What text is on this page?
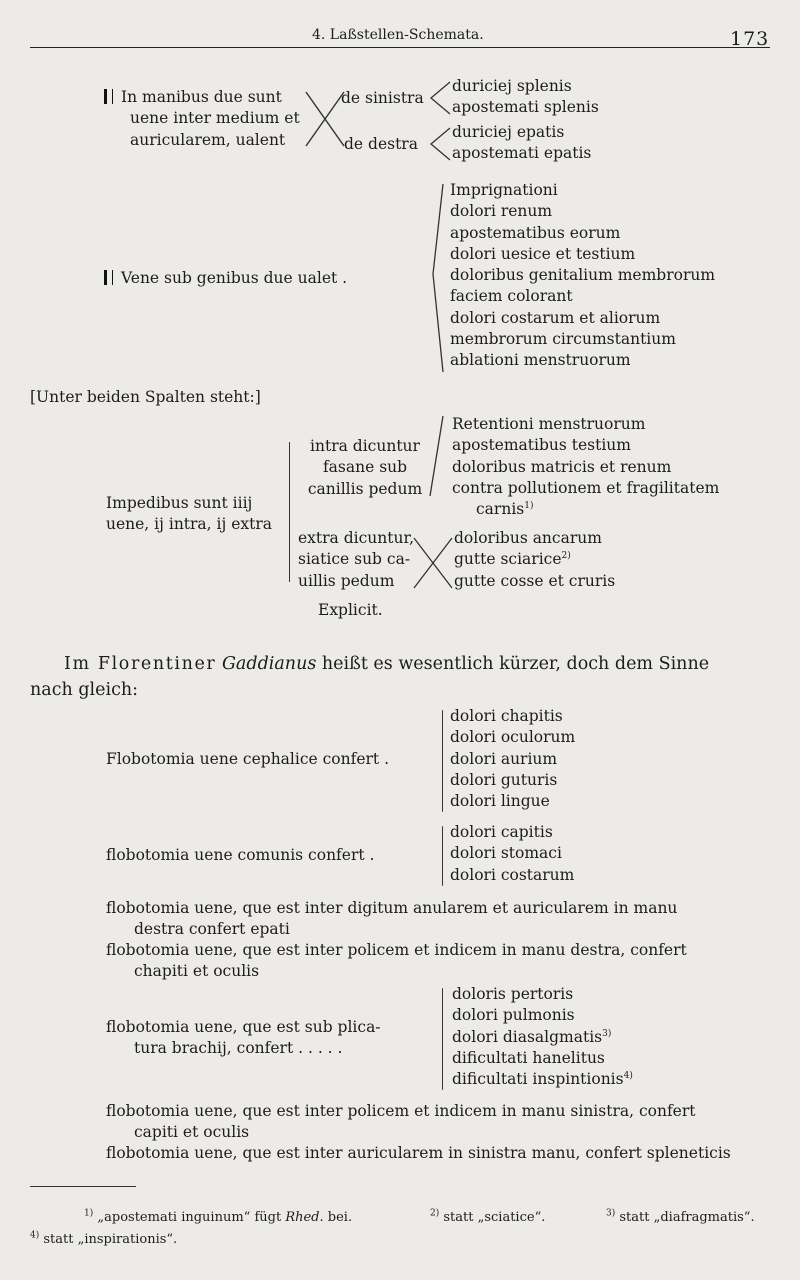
4. Laßstellen-Schemata.	173
In manibus due sunt
uene inter medium et
auricularem, ualent
de sinistra
de destra
duriciej splenis
apostemati splenis
duriciej epatis
apostemati epatis
Vene sub genibus due ualet .
Imprignationi
dolori renum
apostematibus eorum
dolori uesice et testium
doloribus genitalium membrorum
faciem colorant
dolori costarum et aliorum
membrorum circumstantium
ablationi menstruorum
[Unter beiden Spalten steht:]
Impedibus sunt iiij
uene, ij intra, ij extra
intra dicuntur
fasane sub
canillis pedum
Retentioni menstruorum
apostematibus testium
doloribus matricis et renum
contra pollutionem et fragilitatem
carnis$^{1)}$
extra dicuntur,
siatice sub ca-
uillis pedum
doloribus ancarum
gutte sciarice$^{2)}$
gutte cosse et cruris
Explicit.
Im Florentiner Gaddianus heißt es wesentlich kürzer, doch dem Sinne
nach gleich:
Flobotomia uene cephalice confert .
dolori chapitis
dolori oculorum
dolori aurium
dolori guturis
dolori lingue
flobotomia uene comunis confert .
dolori capitis
dolori stomaci
dolori costarum
flobotomia uene, que est inter digitum anularem et auricularem in manu
destra confert epati
flobotomia uene, que est inter policem et indicem in manu destra, confert
chapiti et oculis
flobotomia uene, que est sub plica-
tura brachij, confert . . . . .
doloris pertoris
dolori pulmonis
dolori diasalgmatis$^{3)}$
dificultati hanelitus
dificultati inspintionis$^{4)}$
flobotomia uene, que est inter policem et indicem in manu sinistra, confert
capiti et oculis
flobotomia uene, que est inter auricularem in sinistra manu, confert spleneticis
$^{1)}$ „apostemati inguinum“ fügt Rhed. bei.	$^{2)}$ statt „sciatice“.	$^{3)}$ statt „diafragmatis“.
$^{4)}$ statt „inspirationis“.
